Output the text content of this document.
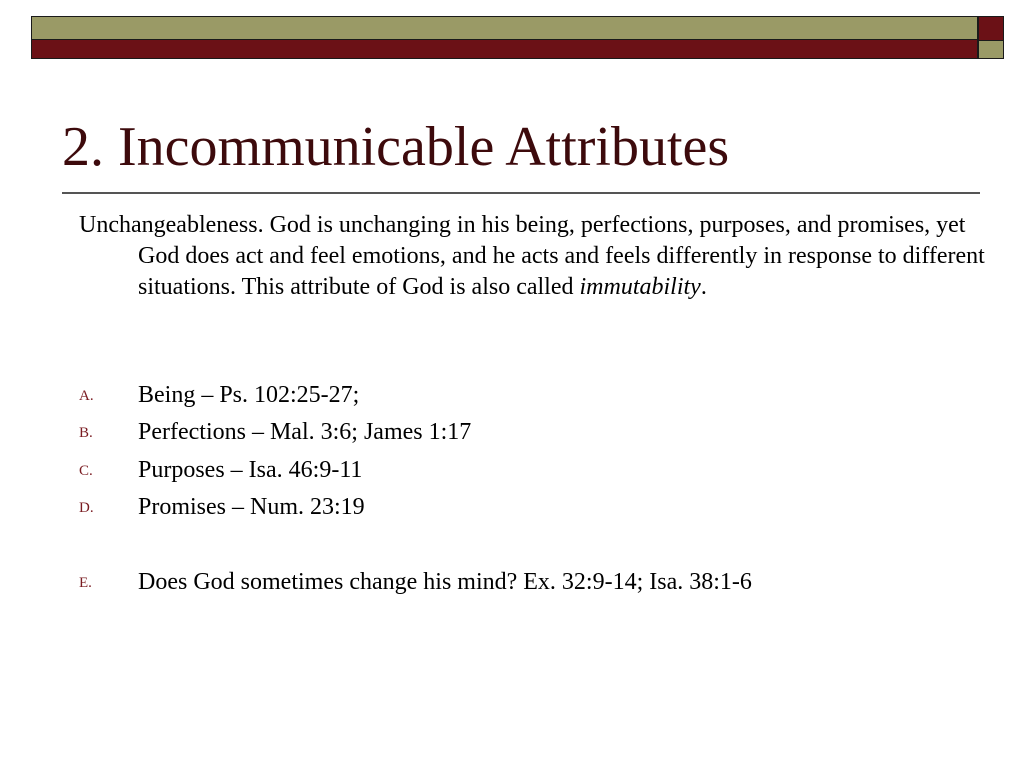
2. Incommunicable Attributes

Unchangeableness. God is unchanging in his being, perfections, purposes, and promises, yet God does act and feel emotions, and he acts and feels differently in response to different situations. This attribute of God is also called immutability.

A. Being – Ps. 102:25-27;
B. Perfections – Mal. 3:6; James 1:17
C. Purposes – Isa. 46:9-11
D. Promises – Num. 23:19
E. Does God sometimes change his mind? Ex. 32:9-14; Isa. 38:1-6
